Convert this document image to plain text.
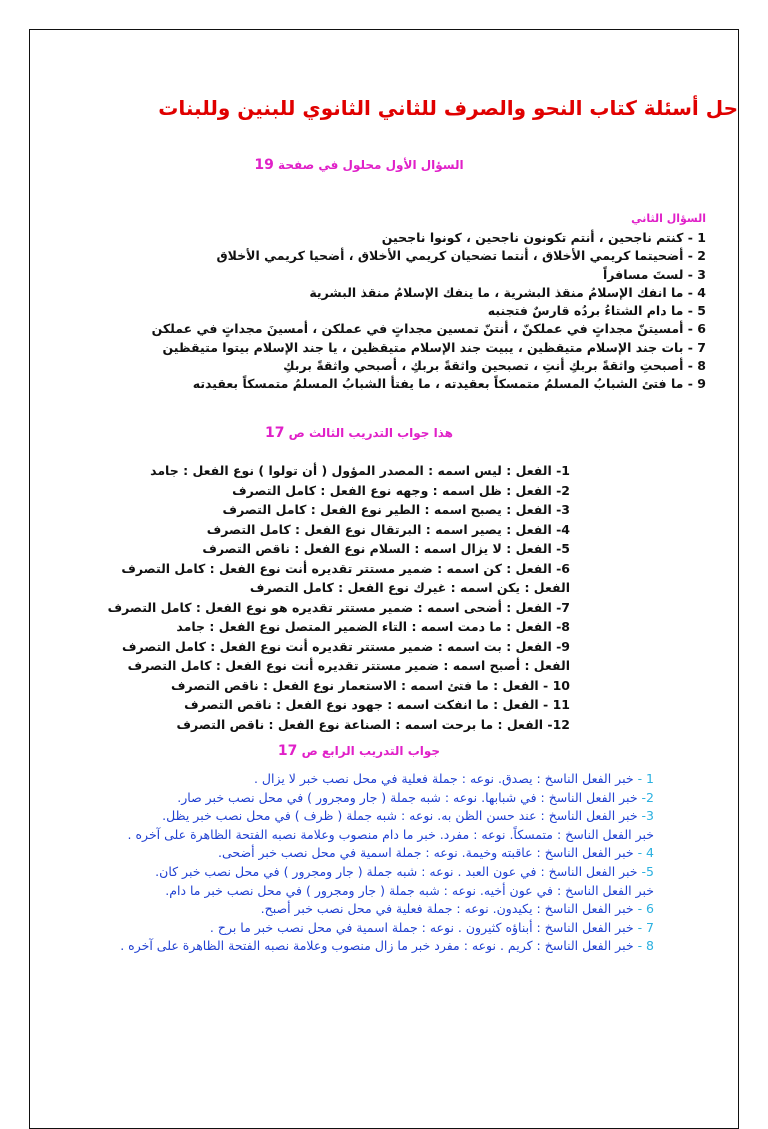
حل أسئلة كتاب النحو والصرف للثاني الثانوي للبنين وللبنات
السؤال الأول محلول في صفحة 19
السؤال الثاني
1 - كنتم ناجحين ، أنتم تكونون ناجحين ، كونوا ناجحين
2 - أضحيتما كريمي الأخلاق ، أنتما تضحيان كريمي الأخلاق ، أضحيا كريمي الأخلاق
3 - لستَ مسافراً
4 - ما انفك الإسلامُ منقذ البشرية ، ما ينفك الإسلامُ منقذ البشرية
5 - ما دام الشتاءُ بردُه قارسٌ فتجنبه
6 - أمسيتنّ مجداتٍ في عملكنّ ، أنتنّ تمسين مجداتٍ في عملكن ، أمسينَ مجداتٍ في عملكن
7 - بات جند الإسلام متيقظين ، يبيت جند الإسلام متيقظين ، يا جند الإسلام بيتوا متيقظين
8 - أصبحتِ واثقةً بربكِ أنتِ ، تصبحين واثقةً بربكِ ، أصبحي واثقةً بربكِ
9 - ما فتئ الشبابُ المسلمُ متمسكاً بعقيدته ، ما يفتأ الشبابُ المسلمُ متمسكاً بعقيدته
هذا جواب التدريب الثالث ص 17
1- الفعل : ليس اسمه : المصدر المؤول ( أن تولوا ) نوع الفعل : جامد
2- الفعل : ظل اسمه : وجهه نوع الفعل : كامل التصرف
3- الفعل : يصبح اسمه : الطير نوع الفعل : كامل التصرف
4- الفعل : يصير اسمه : البرتقال نوع الفعل : كامل التصرف
5- الفعل : لا يزال اسمه : السلام نوع الفعل : ناقص التصرف
6- الفعل : كن اسمه : ضمير مستتر تقديره أنت نوع الفعل : كامل التصرف
الفعل : يكن اسمه : غيرك نوع الفعل : كامل التصرف
7- الفعل : أضحى اسمه : ضمير مستتر تقديره هو نوع الفعل : كامل التصرف
8- الفعل : ما دمت اسمه : التاء الضمير المتصل نوع الفعل : جامد
9- الفعل : بت اسمه : ضمير مستتر تقديره أنت نوع الفعل : كامل التصرف
الفعل : أصبح اسمه : ضمير مستتر تقديره أنت نوع الفعل : كامل التصرف
10 - الفعل : ما فتئ اسمه : الاستعمار نوع الفعل : ناقص التصرف
11 - الفعل : ما انفكت اسمه : جهود نوع الفعل : ناقص التصرف
12- الفعل : ما برحت اسمه : الصناعة نوع الفعل : ناقص التصرف
جواب التدريب الرابع ص 17
1 - خبر الفعل الناسخ : يصدق. نوعه : جملة فعلية في محل نصب خبر لا يزال .
2- خبر الفعل الناسخ : في شبابها. نوعه : شبه جملة ( جار ومجرور ) في محل نصب خبر صار.
3- خبر الفعل الناسخ : عند حسن الظن به. نوعه : شبه جملة ( ظرف ) في محل نصب خبر يظل.
خبر الفعل الناسخ : متمسكاً. نوعه : مفرد. خبر ما دام منصوب وعلامة نصبه الفتحة الظاهرة على آخره .
4 - خبر الفعل الناسخ : عاقبته وخيمة. نوعه : جملة اسمية في محل نصب خبر أضحى.
5- خبر الفعل الناسخ : في عون العبد . نوعه : شبه جملة ( جار ومجرور ) في محل نصب خبر كان.
خبر الفعل الناسخ : في عون أخيه. نوعه : شبه جملة ( جار ومجرور ) في محل نصب خبر ما دام.
6 - خبر الفعل الناسخ : يكيدون. نوعه : جملة فعلية في محل نصب خبر أصبح.
7 - خبر الفعل الناسخ : أبناؤه كثيرون . نوعه : جملة اسمية في محل نصب خبر ما برح .
8 - خبر الفعل الناسخ : كريم . نوعه : مفرد خبر ما زال منصوب وعلامة نصبه الفتحة الظاهرة على آخره .
